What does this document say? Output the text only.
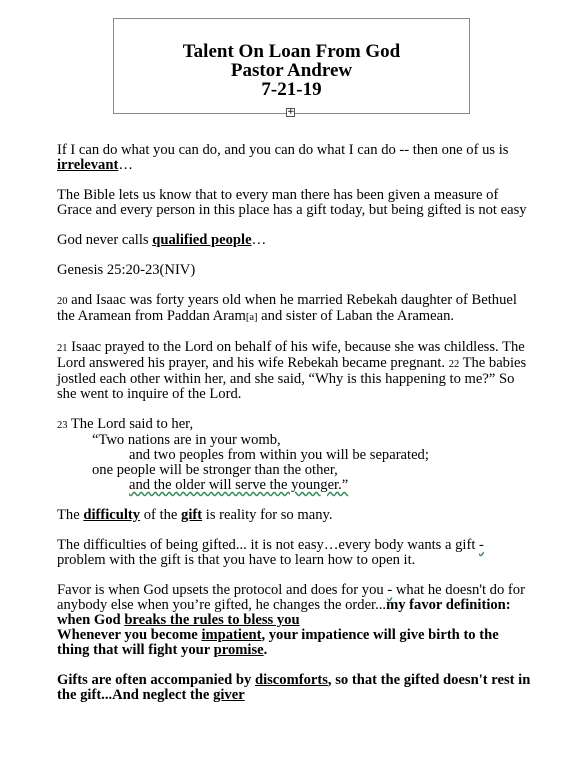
Talent On Loan From God
Pastor Andrew
7-21-19
+

If I can do what you can do, and you can do what I can do -- then one of us is irrelevant…

The Bible lets us know that to every man there has been given a measure of Grace and every person in this place has a gift today, but being gifted is not easy

God never calls qualified people…

Genesis 25:20-23(NIV)

20 and Isaac was forty years old when he married Rebekah daughter of Bethuel the Aramean from Paddan Aram[a] and sister of Laban the Aramean.

21 Isaac prayed to the Lord on behalf of his wife, because she was childless. The Lord answered his prayer, and his wife Rebekah became pregnant. 22 The babies jostled each other within her, and she said, “Why is this happening to me?” So she went to inquire of the Lord.

23 The Lord said to her,

“Two nations are in your womb,

and two peoples from within you will be separated;

one people will be stronger than the other,

and the older will serve the younger.”

The difficulty of the gift is reality for so many.

The difficulties of being gifted... it is not easy…every body wants a gift - problem with the gift is that you have to learn how to open it.

Favor is when God upsets the protocol and does for you - what he doesn't do for anybody else when you’re gifted, he changes the order...my favor definition: when God breaks the rules to bless you

Whenever you become impatient, your impatience will give birth to the thing that will fight your promise.

Gifts are often accompanied by discomforts, so that the gifted doesn't rest in the gift...And neglect the giver
